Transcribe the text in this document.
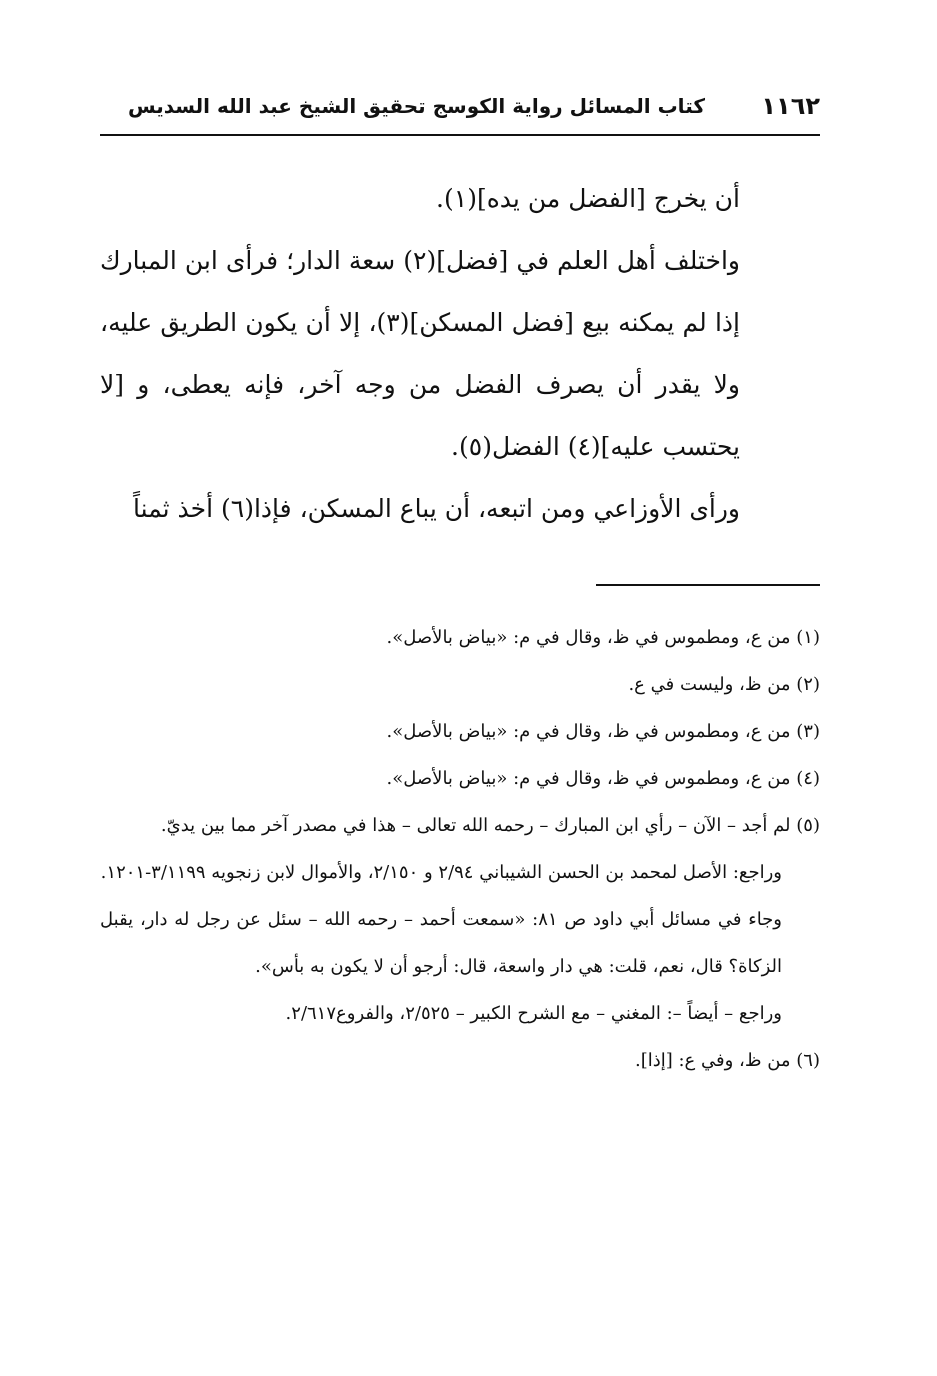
١١٦٢
كتاب المسائل رواية الكوسج تحقيق الشيخ عبد الله السديس

أن يخرج [الفضل من يده](١).

واختلف أهل العلم في [فضل](٢) سعة الدار؛ فرأى ابن المبارك إذا لم يمكنه بيع [فضل المسكن](٣)، إلا أن يكون الطريق عليه، ولا يقدر أن يصرف الفضل من وجه آخر، فإنه يعطى، و [لا يحتسب عليه](٤) الفضل(٥).

ورأى الأوزاعي ومن اتبعه، أن يباع المسكن، فإذا(٦) أخذ ثمناً

(١) من ع، ومطموس في ظ، وقال في م: «بياض بالأصل».

(٢) من ظ، وليست في ع.

(٣) من ع، ومطموس في ظ، وقال في م: «بياض بالأصل».

(٤) من ع، ومطموس في ظ، وقال في م: «بياض بالأصل».

(٥) لم أجد – الآن – رأي ابن المبارك – رحمه الله تعالى – هذا في مصدر آخر مما بين يديّ.

وراجع: الأصل لمحمد بن الحسن الشيباني ٢/٩٤ و ٢/١٥٠، والأموال لابن زنجويه ٣/١١٩٩-١٢٠١.

وجاء في مسائل أبي داود ص ٨١: «سمعت أحمد – رحمه الله – سئل عن رجل له دار، يقبل الزكاة؟ قال، نعم، قلت: هي دار واسعة، قال: أرجو أن لا يكون به بأس».

وراجع – أيضاً –: المغني – مع الشرح الكبير – ٢/٥٢٥، والفروع٢/٦١٧.

(٦) من ظ، وفي ع: [إذا].
